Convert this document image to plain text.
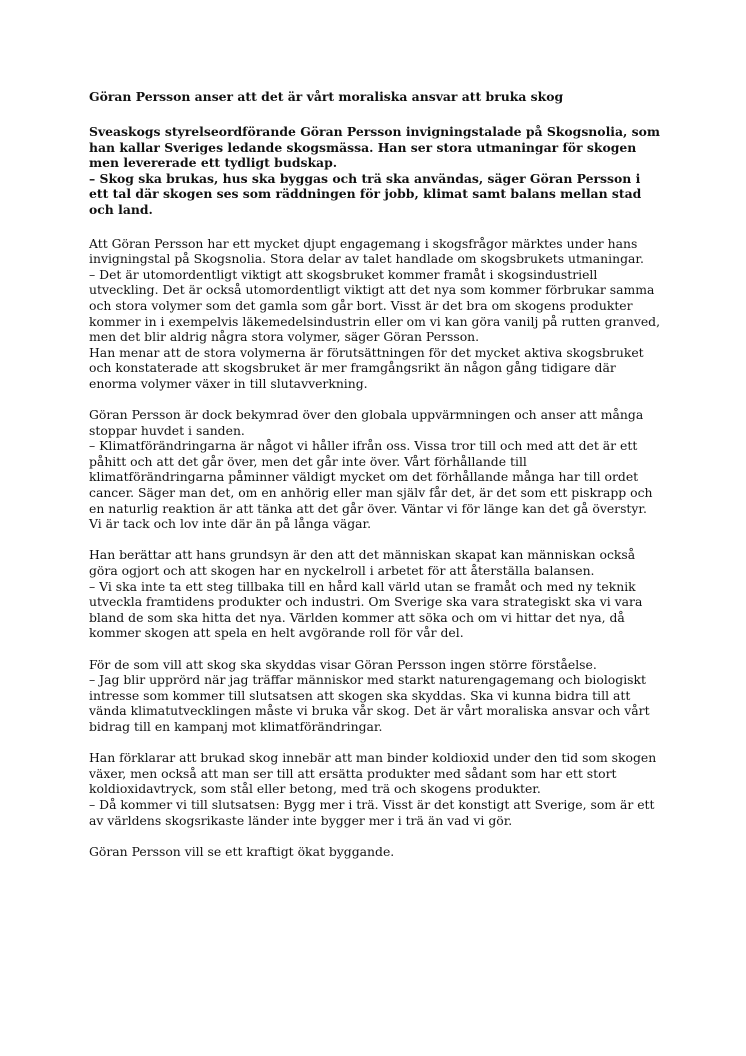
Göran Persson anser att det är vårt moraliska ansvar att bruka skog

Sveaskogs styrelseordförande Göran Persson invigningstalade på Skogsnolia, som han kallar Sveriges ledande skogsmässa. Han ser stora utmaningar för skogen men levererade ett tydligt budskap.

– Skog ska brukas, hus ska byggas och trä ska användas, säger Göran Persson i ett tal där skogen ses som räddningen för jobb, klimat samt balans mellan stad och land.

Att Göran Persson har ett mycket djupt engagemang i skogsfrågor märktes under hans invigningstal på Skogsnolia. Stora delar av talet handlade om skogsbrukets utmaningar.

– Det är utomordentligt viktigt att skogsbruket kommer framåt i skogsindustriell utveckling. Det är också utomordentligt viktigt att det nya som kommer förbrukar samma och stora volymer som det gamla som går bort. Visst är det bra om skogens produkter kommer in i exempelvis läkemedelsindustrin eller om vi kan göra vanilj på rutten granved, men det blir aldrig några stora volymer, säger Göran Persson.

Han menar att de stora volymerna är förutsättningen för det mycket aktiva skogsbruket och konstaterade att skogsbruket är mer framgångsrikt än någon gång tidigare där enorma volymer växer in till slutavverkning.

Göran Persson är dock bekymrad över den globala uppvärmningen och anser att många stoppar huvdet i sanden.

– Klimatförändringarna är något vi håller ifrån oss. Vissa tror till och med att det är ett påhitt och att det går över, men det går inte över. Vårt förhållande till klimatförändringarna påminner väldigt mycket om det förhållande många har till ordet cancer. Säger man det, om en anhörig eller man själv får det, är det som ett piskrapp och en naturlig reaktion är att tänka att det går över. Väntar vi för länge kan det gå överstyr. Vi är tack och lov inte där än på långa vägar.

Han berättar att hans grundsyn är den att det människan skapat kan människan också göra ogjort och att skogen har en nyckelroll i arbetet för att återställa balansen.

– Vi ska inte ta ett steg tillbaka till en hård kall värld utan se framåt och med ny teknik utveckla framtidens produkter och industri. Om Sverige ska vara strategiskt ska vi vara bland de som ska hitta det nya. Världen kommer att söka och om vi hittar det nya, då kommer skogen att spela en helt avgörande roll för vår del.

För de som vill att skog ska skyddas visar Göran Persson ingen större förståelse.

– Jag blir upprörd när jag träffar människor med starkt naturengagemang och biologiskt intresse som kommer till slutsatsen att skogen ska skyddas. Ska vi kunna bidra till att vända klimatutvecklingen måste vi bruka vår skog. Det är vårt moraliska ansvar och vårt bidrag till en kampanj mot klimatförändringar.

Han förklarar att brukad skog innebär att man binder koldioxid under den tid som skogen växer, men också att man ser till att ersätta produkter med sådant som har ett stort koldioxidavtryck, som stål eller betong, med trä och skogens produkter.

– Då kommer vi till slutsatsen: Bygg mer i trä. Visst är det konstigt att Sverige, som är ett av världens skogsrikaste länder inte bygger mer i trä än vad vi gör.

Göran Persson vill se ett kraftigt ökat byggande.
